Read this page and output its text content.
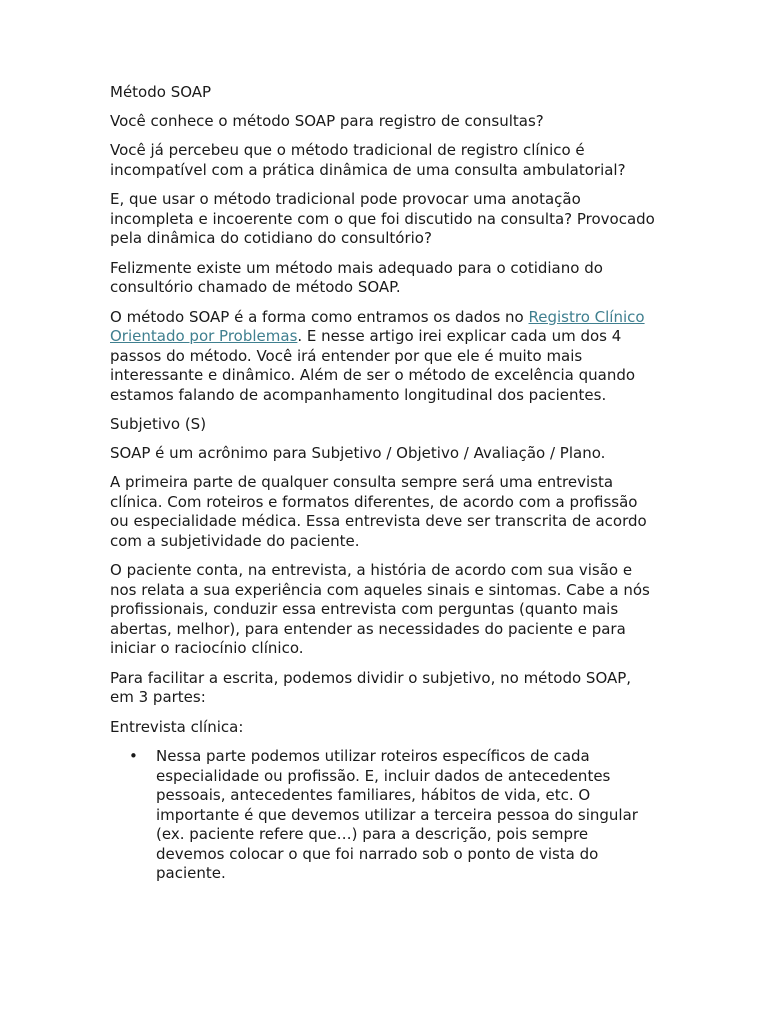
Método SOAP

Você conhece o método SOAP para registro de consultas?

Você já percebeu que o método tradicional de registro clínico é incompatível com a prática dinâmica de uma consulta ambulatorial?

E, que usar o método tradicional pode provocar uma anotação incompleta e incoerente com o que foi discutido na consulta? Provocado pela dinâmica do cotidiano do consultório?

Felizmente existe um método mais adequado para o cotidiano do consultório chamado de método SOAP.

O método SOAP é a forma como entramos os dados no Registro Clínico Orientado por Problemas. E nesse artigo irei explicar cada um dos 4 passos do método. Você irá entender por que ele é muito mais interessante e dinâmico. Além de ser o método de excelência quando estamos falando de acompanhamento longitudinal dos pacientes.

Subjetivo (S)

SOAP é um acrônimo para Subjetivo / Objetivo / Avaliação / Plano.

A primeira parte de qualquer consulta sempre será uma entrevista clínica. Com roteiros e formatos diferentes, de acordo com a profissão ou especialidade médica. Essa entrevista deve ser transcrita de acordo com a subjetividade do paciente.

O paciente conta, na entrevista, a história de acordo com sua visão e nos relata a sua experiência com aqueles sinais e sintomas. Cabe a nós profissionais, conduzir essa entrevista com perguntas (quanto mais abertas, melhor), para entender as necessidades do paciente e para iniciar o raciocínio clínico.

Para facilitar a escrita, podemos dividir o subjetivo, no método SOAP, em 3 partes:

Entrevista clínica:

• Nessa parte podemos utilizar roteiros específicos de cada especialidade ou profissão. E, incluir dados de antecedentes pessoais, antecedentes familiares, hábitos de vida, etc. O importante é que devemos utilizar a terceira pessoa do singular (ex. paciente refere que…) para a descrição, pois sempre devemos colocar o que foi narrado sob o ponto de vista do paciente.
